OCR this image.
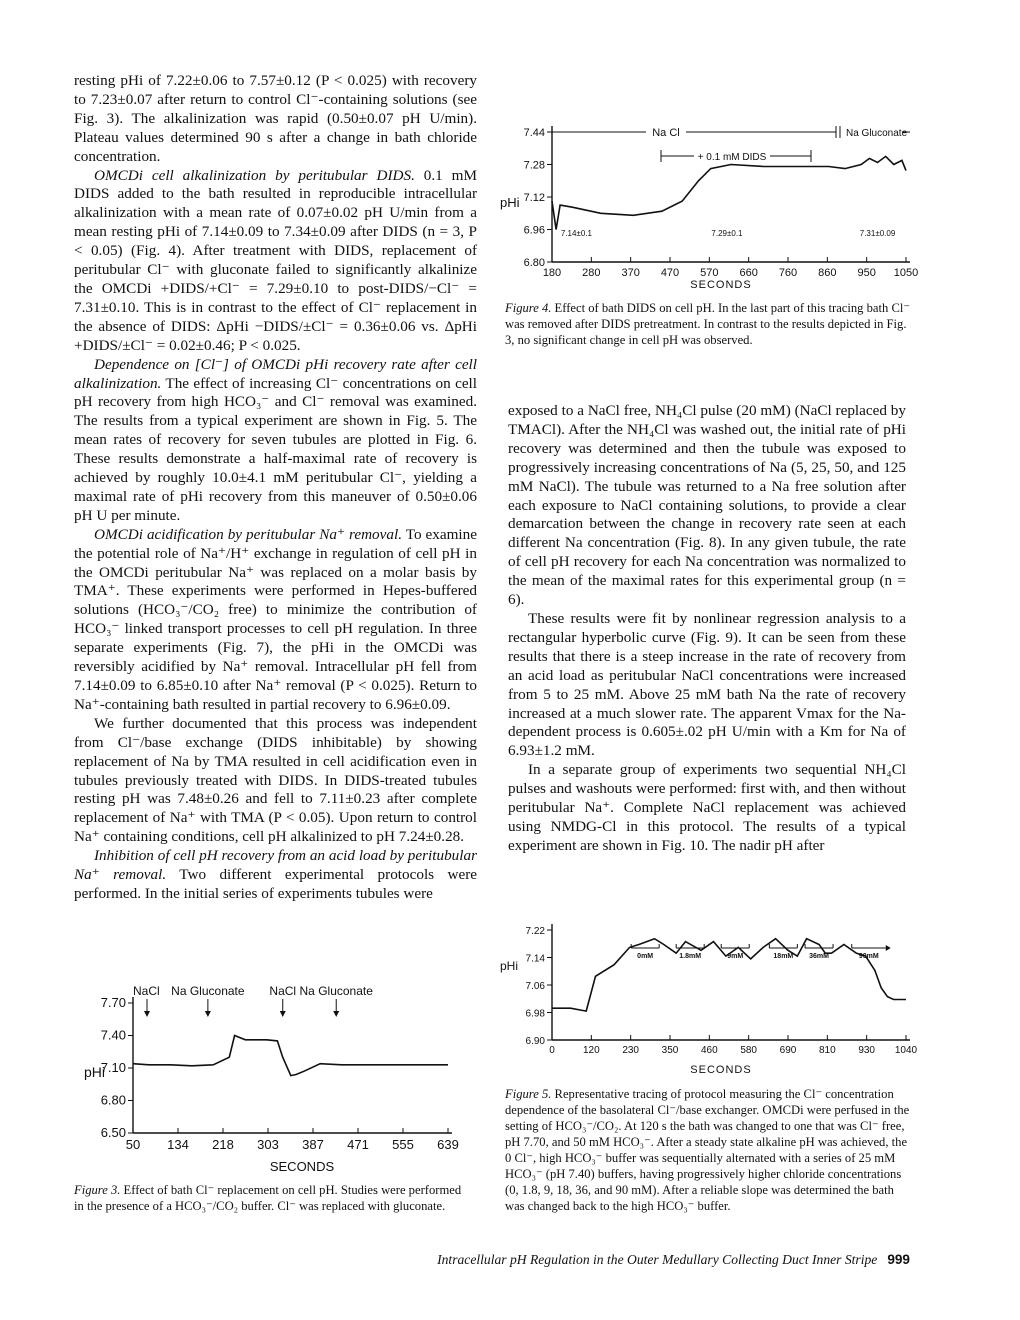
resting pHi of 7.22±0.06 to 7.57±0.12 (P < 0.025) with recovery to 7.23±0.07 after return to control Cl⁻-containing solutions (see Fig. 3). The alkalinization was rapid (0.50±0.07 pH U/min). Plateau values determined 90 s after a change in bath chloride concentration.

OMCDi cell alkalinization by peritubular DIDS. 0.1 mM DIDS added to the bath resulted in reproducible intracellular alkalinization with a mean rate of 0.07±0.02 pH U/min from a mean resting pHi of 7.14±0.09 to 7.34±0.09 after DIDS (n = 3, P < 0.05) (Fig. 4). After treatment with DIDS, replacement of peritubular Cl⁻ with gluconate failed to significantly alkalinize the OMCDi +DIDS/+Cl⁻ = 7.29±0.10 to post-DIDS/−Cl⁻ = 7.31±0.10. This is in contrast to the effect of Cl⁻ replacement in the absence of DIDS: ΔpHi −DIDS/±Cl⁻ = 0.36±0.06 vs. ΔpHi +DIDS/±Cl⁻ = 0.02±0.46; P < 0.025.

Dependence on [Cl⁻] of OMCDi pHi recovery rate after cell alkalinization. The effect of increasing Cl⁻ concentrations on cell pH recovery from high HCO₃⁻ and Cl⁻ removal was examined. The results from a typical experiment are shown in Fig. 5. The mean rates of recovery for seven tubules are plotted in Fig. 6. These results demonstrate a half-maximal rate of recovery is achieved by roughly 10.0±4.1 mM peritubular Cl⁻, yielding a maximal rate of pHi recovery from this maneuver of 0.50±0.06 pH U per minute.

OMCDi acidification by peritubular Na⁺ removal. To examine the potential role of Na⁺/H⁺ exchange in regulation of cell pH in the OMCDi peritubular Na⁺ was replaced on a molar basis by TMA⁺. These experiments were performed in Hepes-buffered solutions (HCO₃⁻/CO₂ free) to minimize the contribution of HCO₃⁻ linked transport processes to cell pH regulation. In three separate experiments (Fig. 7), the pHi in the OMCDi was reversibly acidified by Na⁺ removal. Intracellular pH fell from 7.14±0.09 to 6.85±0.10 after Na⁺ removal (P < 0.025). Return to Na⁺-containing bath resulted in partial recovery to 6.96±0.09.

We further documented that this process was independent from Cl⁻/base exchange (DIDS inhibitable) by showing replacement of Na by TMA resulted in cell acidification even in tubules previously treated with DIDS. In DIDS-treated tubules resting pH was 7.48±0.26 and fell to 7.11±0.23 after complete replacement of Na⁺ with TMA (P < 0.05). Upon return to control Na⁺ containing conditions, cell pH alkalinized to pH 7.24±0.28.

Inhibition of cell pH recovery from an acid load by peritubular Na⁺ removal. Two different experimental protocols were performed. In the initial series of experiments tubules were

exposed to a NaCl free, NH₄Cl pulse (20 mM) (NaCl replaced by TMACl). After the NH₄Cl was washed out, the initial rate of pHi recovery was determined and then the tubule was exposed to progressively increasing concentrations of Na (5, 25, 50, and 125 mM NaCl). The tubule was returned to a Na free solution after each exposure to NaCl containing solutions, to provide a clear demarcation between the change in recovery rate seen at each different Na concentration (Fig. 8). In any given tubule, the rate of cell pH recovery for each Na concentration was normalized to the mean of the maximal rates for this experimental group (n = 6).

These results were fit by nonlinear regression analysis to a rectangular hyperbolic curve (Fig. 9). It can be seen from these results that there is a steep increase in the rate of recovery from an acid load as peritubular NaCl concentrations were increased from 5 to 25 mM. Above 25 mM bath Na the rate of recovery increased at a much slower rate. The apparent Vmax for the Na-dependent process is 0.605±.02 pH U/min with a Km for Na of 6.93±1.2 mM.

In a separate group of experiments two sequential NH₄Cl pulses and washouts were performed: first with, and then without peritubular Na⁺. Complete NaCl replacement was achieved using NMDG-Cl in this protocol. The results of a typical experiment are shown in Fig. 10. The nadir pH after

pHi
SECONDS
7.70
7.40
7.10
6.80
6.50
50 134 218 303 387 471 555 639
NaCl Na Gluconate NaCl Na Gluconate
pHi
SECONDS
7.44
7.28
7.12
6.96
6.80
180 280 370 470 570 660 760 860 950 1050
Na Cl	Na Gluconate
+ 0.1 mM DIDS
7.14±0.1	7.29±0.1	7.31±0.09
pHi
SECONDS
7.22
7.14
7.06
6.98
6.90
0	120 230 350 460 580 690 810 930 1040
0mM	1.8mM	9mM	18mM 36mM	90mM
Figure 3. Effect of bath Cl⁻ replacement on cell pH. Studies were performed in the presence of a HCO₃⁻/CO₂ buffer. Cl⁻ was replaced with gluconate.
Figure 4. Effect of bath DIDS on cell pH. In the last part of this tracing bath Cl⁻ was removed after DIDS pretreatment. In contrast to the results depicted in Fig. 3, no significant change in cell pH was observed.
Figure 5. Representative tracing of protocol measuring the Cl⁻ concentration dependence of the basolateral Cl⁻/base exchanger. OMCDi were perfused in the setting of HCO₃⁻/CO₂. At 120 s the bath was changed to one that was Cl⁻ free, pH 7.70, and 50 mM HCO₃⁻. After a steady state alkaline pH was achieved, the 0 Cl⁻, high HCO₃⁻ buffer was sequentially alternated with a series of 25 mM HCO₃⁻ (pH 7.40) buffers, having progressively higher chloride concentrations (0, 1.8, 9, 18, 36, and 90 mM). After a reliable slope was determined the bath was changed back to the high HCO₃⁻ buffer.
Intracellular pH Regulation in the Outer Medullary Collecting Duct Inner Stripe 999
